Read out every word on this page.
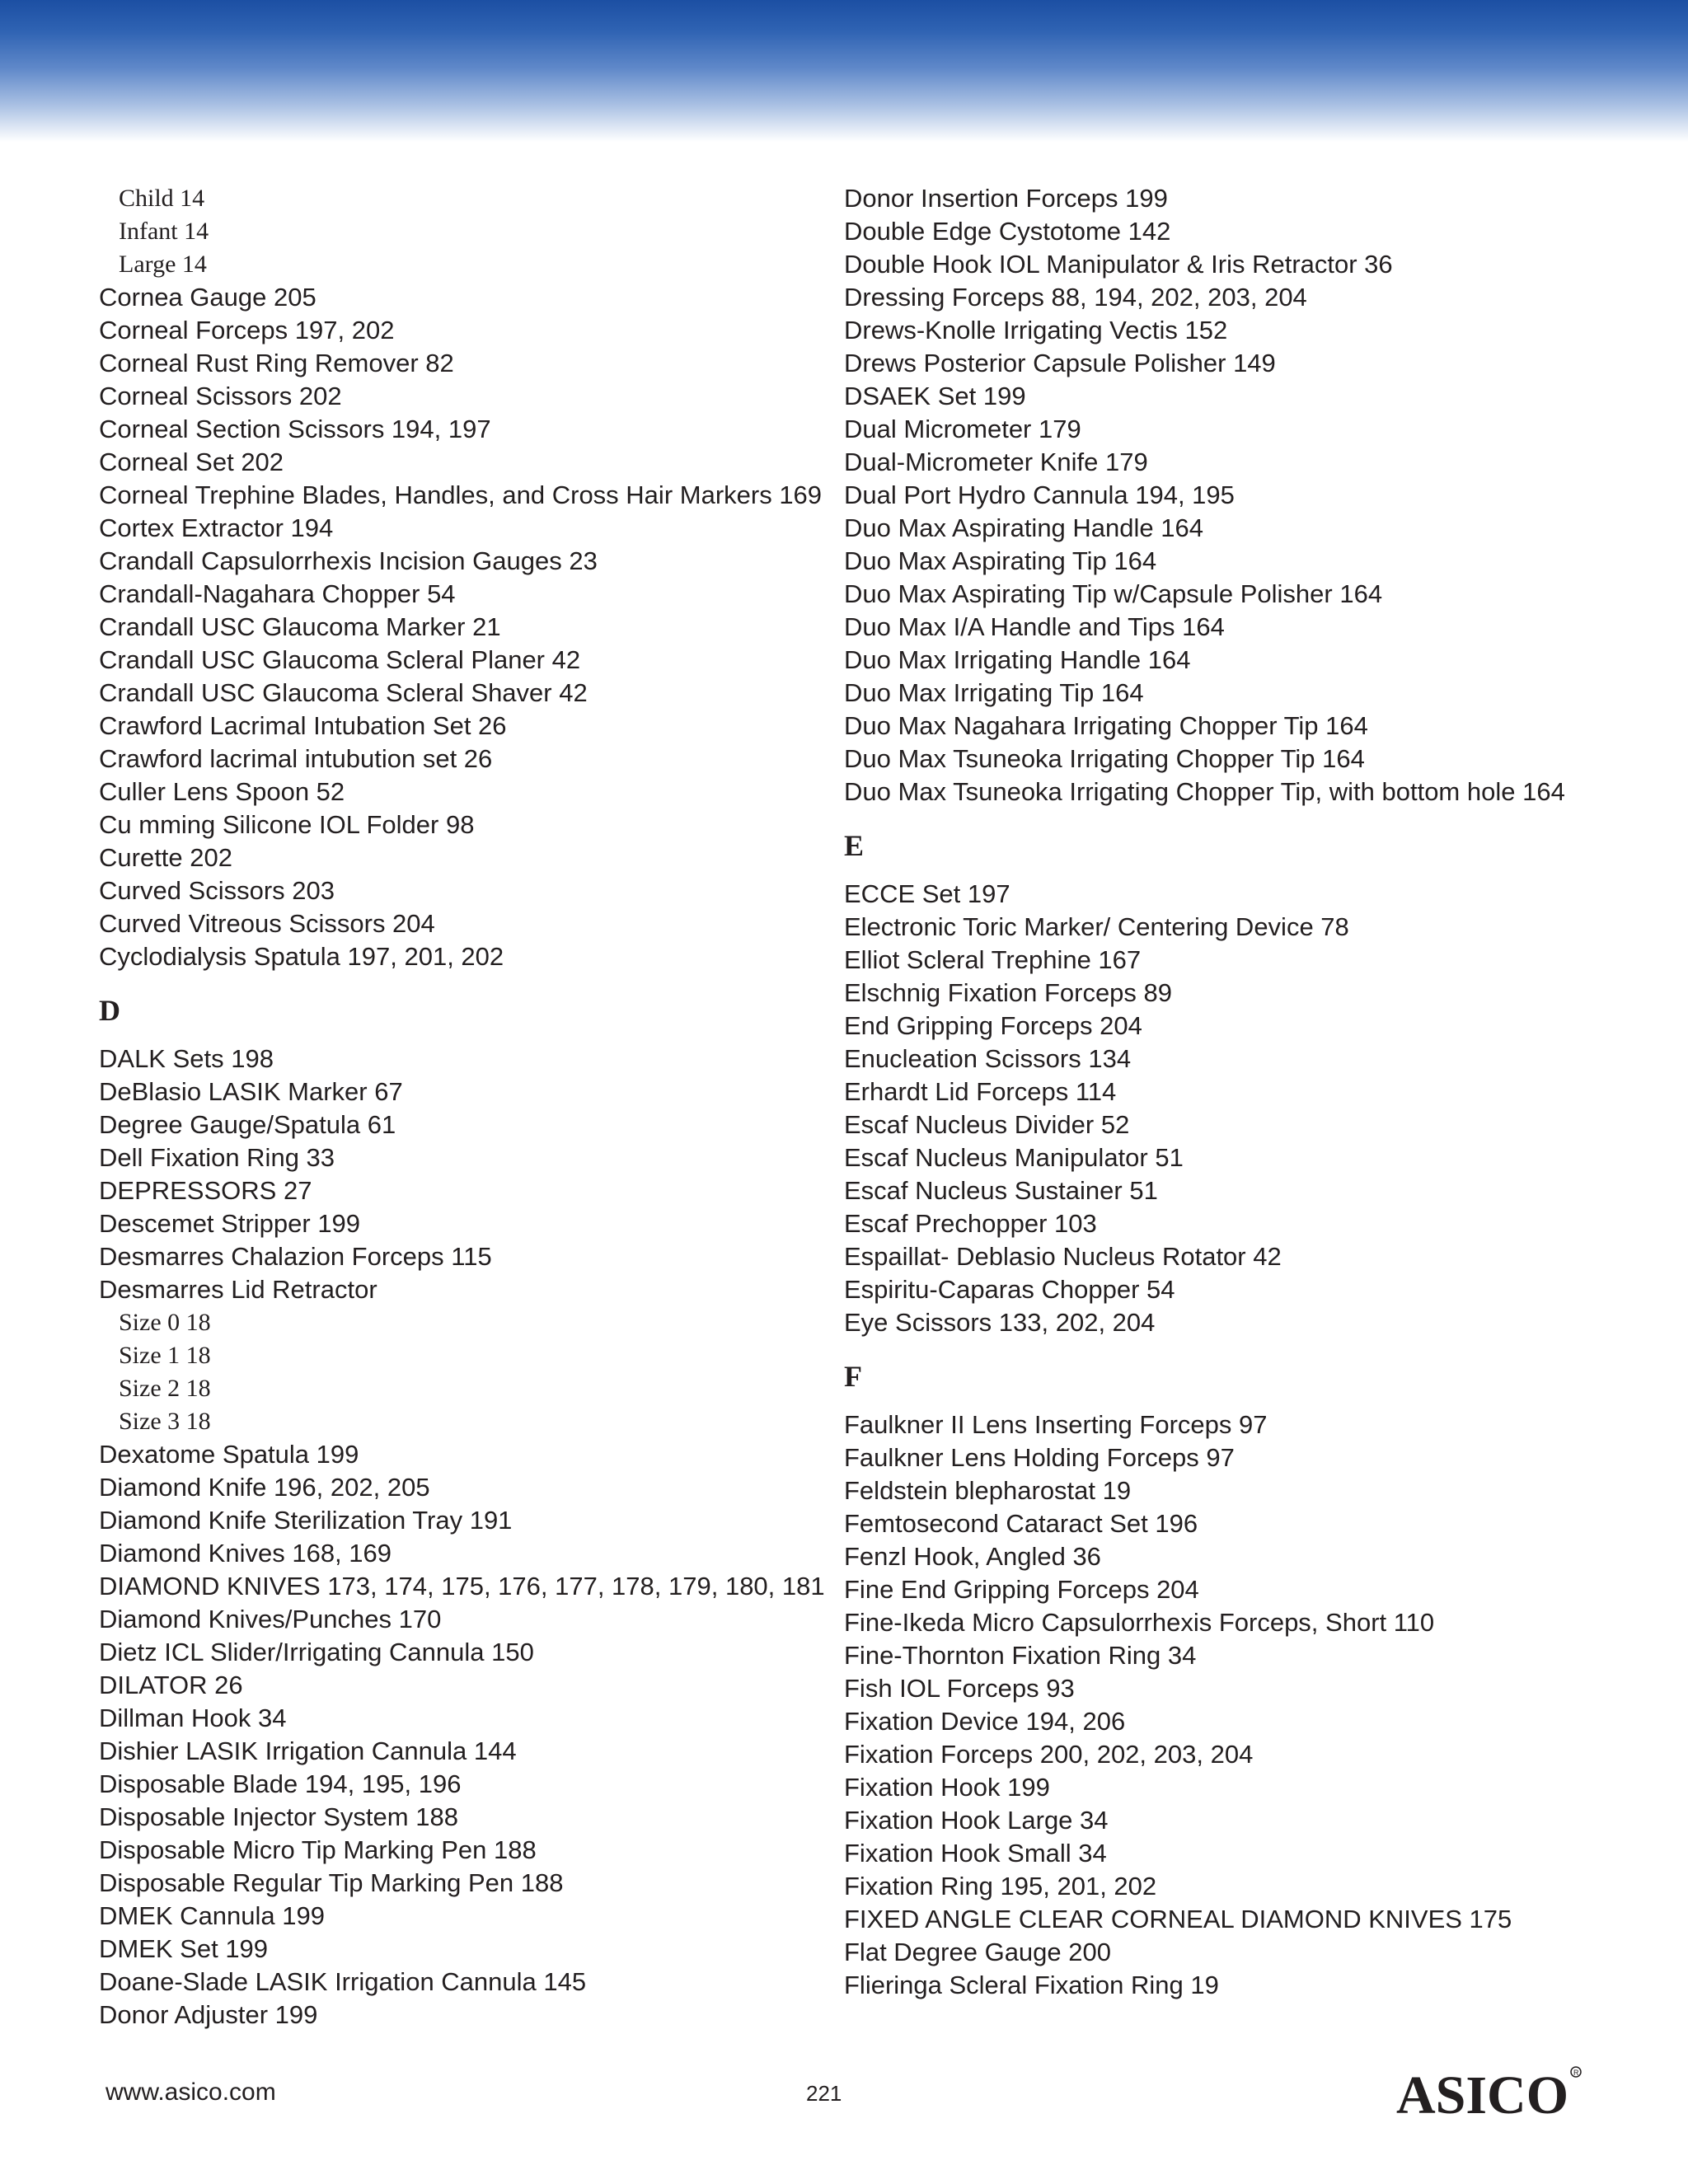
Child 14
Infant 14
Large 14
Cornea Gauge 205
Corneal Forceps 197, 202
Corneal Rust Ring Remover 82
Corneal Scissors 202
Corneal Section Scissors 194, 197
Corneal Set 202
Corneal Trephine Blades, Handles, and Cross Hair Markers 169
Cortex Extractor 194
Crandall Capsulorrhexis Incision Gauges 23
Crandall-Nagahara Chopper 54
Crandall USC Glaucoma Marker 21
Crandall USC Glaucoma Scleral Planer 42
Crandall USC Glaucoma Scleral Shaver 42
Crawford Lacrimal Intubation Set 26
Crawford lacrimal intubution set 26
Culler Lens Spoon 52
Cu mming Silicone IOL Folder 98
Curette 202
Curved Scissors 203
Curved Vitreous Scissors 204
Cyclodialysis Spatula 197, 201, 202
D
DALK Sets 198
DeBlasio LASIK Marker 67
Degree Gauge/Spatula 61
Dell Fixation Ring 33
DEPRESSORS 27
Descemet Stripper 199
Desmarres Chalazion Forceps 115
Desmarres Lid Retractor
Size 0 18
Size 1 18
Size 2 18
Size 3 18
Dexatome Spatula 199
Diamond Knife 196, 202, 205
Diamond Knife Sterilization Tray 191
Diamond Knives 168, 169
DIAMOND KNIVES 173, 174, 175, 176, 177, 178, 179, 180, 181
Diamond Knives/Punches 170
Dietz ICL Slider/Irrigating Cannula 150
DILATOR 26
Dillman Hook 34
Dishier LASIK Irrigation Cannula 144
Disposable Blade 194, 195, 196
Disposable Injector System 188
Disposable Micro Tip Marking Pen 188
Disposable Regular Tip Marking Pen 188
DMEK Cannula 199
DMEK Set 199
Doane-Slade LASIK Irrigation Cannula 145
Donor Adjuster 199
Donor Insertion Forceps 199
Double Edge Cystotome 142
Double Hook IOL Manipulator & Iris Retractor 36
Dressing Forceps 88, 194, 202, 203, 204
Drews-Knolle Irrigating Vectis 152
Drews Posterior Capsule Polisher 149
DSAEK Set 199
Dual Micrometer 179
Dual-Micrometer Knife 179
Dual Port Hydro Cannula 194, 195
Duo Max Aspirating Handle 164
Duo Max Aspirating Tip 164
Duo Max Aspirating Tip w/Capsule Polisher 164
Duo Max I/A Handle and Tips 164
Duo Max Irrigating Handle 164
Duo Max Irrigating Tip 164
Duo Max Nagahara Irrigating Chopper Tip 164
Duo Max Tsuneoka Irrigating Chopper Tip 164
Duo Max Tsuneoka Irrigating Chopper Tip, with bottom hole 164
E
ECCE Set 197
Electronic Toric Marker/ Centering Device 78
Elliot Scleral Trephine 167
Elschnig Fixation Forceps 89
End Gripping Forceps 204
Enucleation Scissors 134
Erhardt Lid Forceps 114
Escaf Nucleus Divider 52
Escaf Nucleus Manipulator 51
Escaf Nucleus Sustainer 51
Escaf Prechopper 103
Espaillat- Deblasio Nucleus Rotator 42
Espiritu-Caparas Chopper 54
Eye Scissors 133, 202, 204
F
Faulkner II Lens Inserting Forceps 97
Faulkner Lens Holding Forceps 97
Feldstein blepharostat 19
Femtosecond Cataract Set 196
Fenzl Hook, Angled 36
Fine End Gripping Forceps 204
Fine-Ikeda Micro Capsulorrhexis Forceps, Short 110
Fine-Thornton Fixation Ring 34
Fish IOL Forceps 93
Fixation Device 194, 206
Fixation Forceps 200, 202, 203, 204
Fixation Hook 199
Fixation Hook Large 34
Fixation Hook Small 34
Fixation Ring 195, 201, 202
FIXED ANGLE CLEAR CORNEAL DIAMOND KNIVES 175
Flat Degree Gauge 200
Flieringa Scleral Fixation Ring 19
www.asico.com	221	ASICO R
